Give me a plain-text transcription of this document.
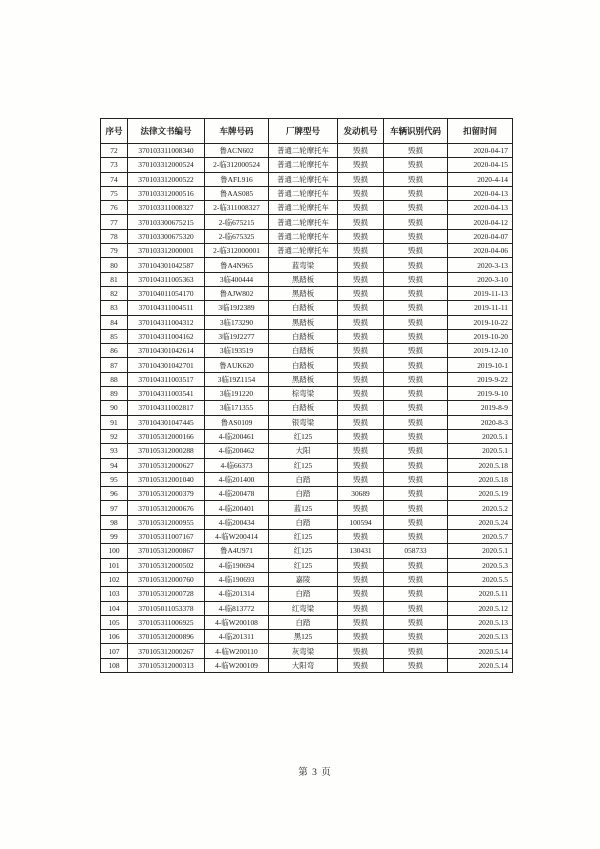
序号	法律文书编号	车牌号码	厂牌型号	发动机号	车辆识别代码	扣留时间
72	370103311008340	鲁ACN602	普通二轮摩托车	毁损	毁损	2020-04-17
73	370103312000524	2-临312000524	普通二轮摩托车	毁损	毁损	2020-04-15
74	370103312000522	鲁AFL916	普通二轮摩托车	毁损	毁损	2020-4-14
75	370103312000516	鲁AAS085	普通二轮摩托车	毁损	毁损	2020-04-13
76	370103311008327	2-临311008327	普通二轮摩托车	毁损	毁损	2020-04-13
77	370103300675215	2-临675215	普通二轮摩托车	毁损	毁损	2020-04-12
78	370103300675320	2-临675325	普通二轮摩托车	毁损	毁损	2020-04-07
79	370103312000001	2-临312000001	普通二轮摩托车	毁损	毁损	2020-04-06
80	370104301042587	鲁A4N965	蓝弯梁	毁损	毁损	2020-3-13
81	370104311005363	3临400444	黑踏板	毁损	毁损	2020-3-10
82	370104011054170	鲁AJW802	黑踏板	毁损	毁损	2019-11-13
83	370104311004511	3临19J2389	白踏板	毁损	毁损	2019-11-11
84	370104311004312	3临173290	黑踏板	毁损	毁损	2019-10-22
85	370104311004162	3临19J2277	白踏板	毁损	毁损	2019-10-20
86	370104301042614	3临193519	白踏板	毁损	毁损	2019-12-10
87	370104301042701	鲁AUK620	白踏板	毁损	毁损	2019-10-1
88	370104311003517	3临19Z1154	黑踏板	毁损	毁损	2019-9-22
89	370104311003541	3临191220	棕弯梁	毁损	毁损	2019-9-10
90	370104311002817	3临171355	白踏板	毁损	毁损	2019-8-9
91	370104301047445	鲁AS0109	银弯梁	毁损	毁损	2020-8-3
92	370105312000166	4-临200461	红125	毁损	毁损	2020.5.1
93	370105312000288	4-临200462	大阳	毁损	毁损	2020.5.1
94	370105312000627	4-临66373	红125	毁损	毁损	2020.5.18
95	370105312001040	4-临201400	白踏	毁损	毁损	2020.5.18
96	370105312000379	4-临200478	白踏	30689	毁损	2020.5.19
97	370105312000676	4-临200401	蓝125	毁损	毁损	2020.5.2
98	370105312000955	4-临200434	白踏	100594	毁损	2020.5.24
99	370105311007167	4-临W200414	红125	毁损	毁损	2020.5.7
100	370105312000867	鲁A4U971	红125	130431	058733	2020.5.1
101	370105312000502	4-临190694	红125	毁损	毁损	2020.5.3
102	370105312000760	4-临190693	嘉陵	毁损	毁损	2020.5.5
103	370105312000728	4-临201314	白踏	毁损	毁损	2020.5.11
104	370105011053378	4-临813772	红弯梁	毁损	毁损	2020.5.12
105	370105311006925	4-临W200108	白踏	毁损	毁损	2020.5.13
106	370105312000896	4-临201311	黑125	毁损	毁损	2020.5.13
107	370105312000267	4-临W200110	灰弯梁	毁损	毁损	2020.5.14
108	370105312000313	4-临W200109	大阳弯	毁损	毁损	2020.5.14
第 3 页
